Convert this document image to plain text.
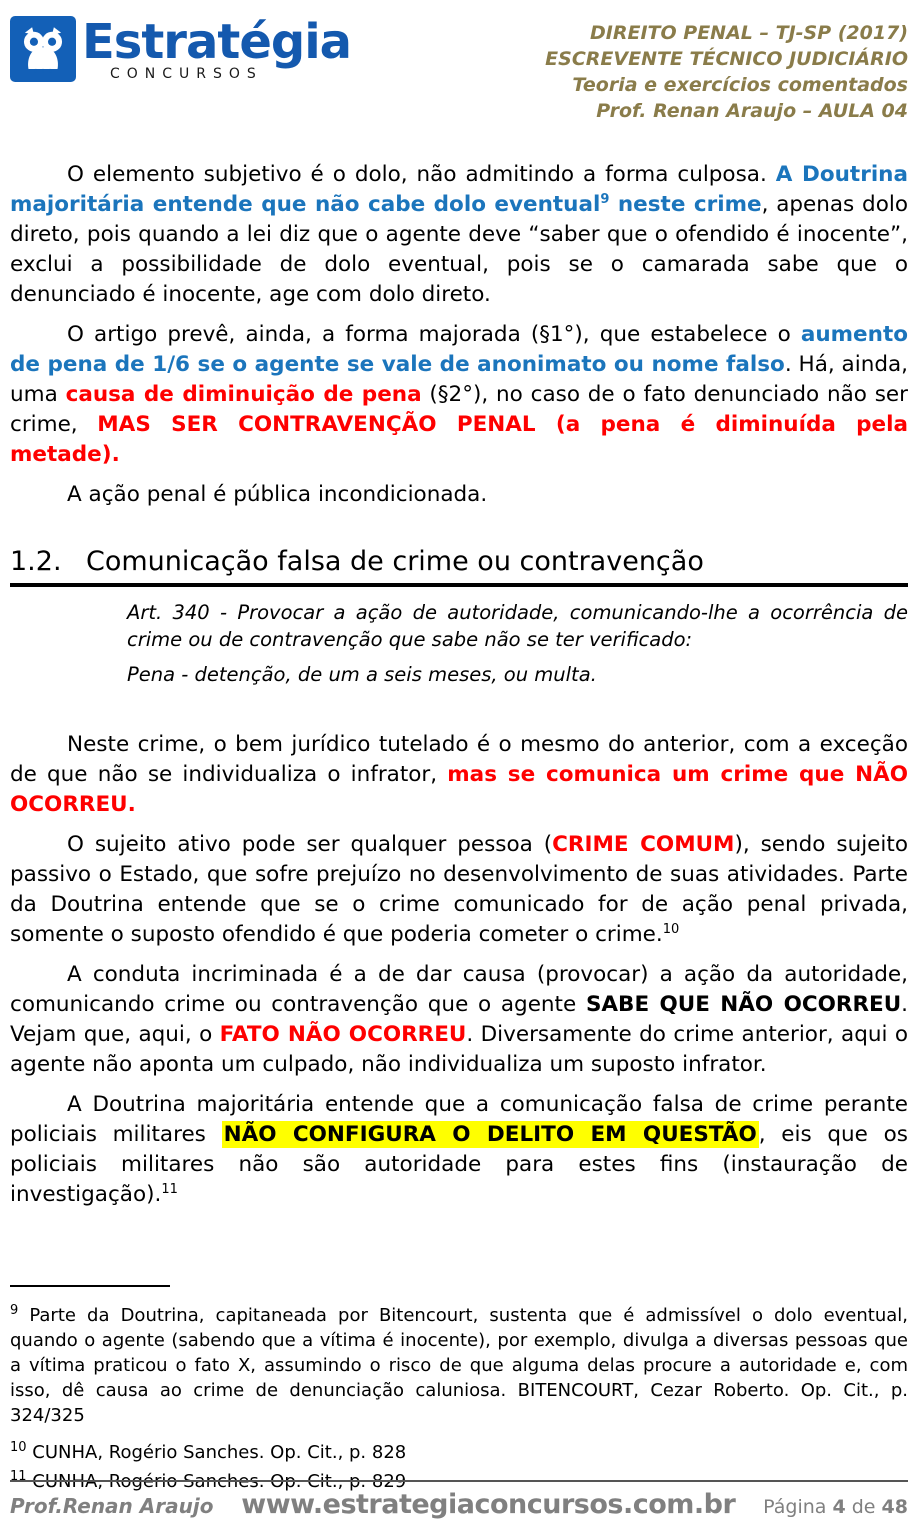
Estratégia
CONCURSOS
DIREITO PENAL – TJ-SP (2017)
ESCREVENTE TÉCNICO JUDICIÁRIO
Teoria e exercícios comentados
Prof. Renan Araujo – AULA 04

O elemento subjetivo é o dolo, não admitindo a forma culposa. A Doutrina majoritária entende que não cabe dolo eventual$^9$ neste crime, apenas dolo direto, pois quando a lei diz que o agente deve “saber que o ofendido é inocente”, exclui a possibilidade de dolo eventual, pois se o camarada sabe que o denunciado é inocente, age com dolo direto.

O artigo prevê, ainda, a forma majorada (§1°), que estabelece o aumento de pena de 1/6 se o agente se vale de anonimato ou nome falso. Há, ainda, uma causa de diminuição de pena (§2°), no caso de o fato denunciado não ser crime, MAS SER CONTRAVENÇÃO PENAL (a pena é diminuída pela metade).

A ação penal é pública incondicionada.

1.2. Comunicação falsa de crime ou contravenção

Art. 340 - Provocar a ação de autoridade, comunicando-lhe a ocorrência de crime ou de contravenção que sabe não se ter verificado:

Pena - detenção, de um a seis meses, ou multa.

Neste crime, o bem jurídico tutelado é o mesmo do anterior, com a exceção de que não se individualiza o infrator, mas se comunica um crime que NÃO OCORREU.

O sujeito ativo pode ser qualquer pessoa (CRIME COMUM), sendo sujeito passivo o Estado, que sofre prejuízo no desenvolvimento de suas atividades. Parte da Doutrina entende que se o crime comunicado for de ação penal privada, somente o suposto ofendido é que poderia cometer o crime.$^{10}$

A conduta incriminada é a de dar causa (provocar) a ação da autoridade, comunicando crime ou contravenção que o agente SABE QUE NÃO OCORREU. Vejam que, aqui, o FATO NÃO OCORREU. Diversamente do crime anterior, aqui o agente não aponta um culpado, não individualiza um suposto infrator.

A Doutrina majoritária entende que a comunicação falsa de crime perante policiais militares NÃO CONFIGURA O DELITO EM QUESTÃO, eis que os policiais militares não são autoridade para estes fins (instauração de investigação).$^{11}$

$^9$ Parte da Doutrina, capitaneada por Bitencourt, sustenta que é admissível o dolo eventual, quando o agente (sabendo que a vítima é inocente), por exemplo, divulga a diversas pessoas que a vítima praticou o fato X, assumindo o risco de que alguma delas procure a autoridade e, com isso, dê causa ao crime de denunciação caluniosa. BITENCOURT, Cezar Roberto. Op. Cit., p. 324/325

$^{10}$ CUNHA, Rogério Sanches. Op. Cit., p. 828

$^{11}$ CUNHA, Rogério Sanches. Op. Cit., p. 829

Prof.Renan Araujo www.estrategiaconcursos.com.br Página 4 de 48
